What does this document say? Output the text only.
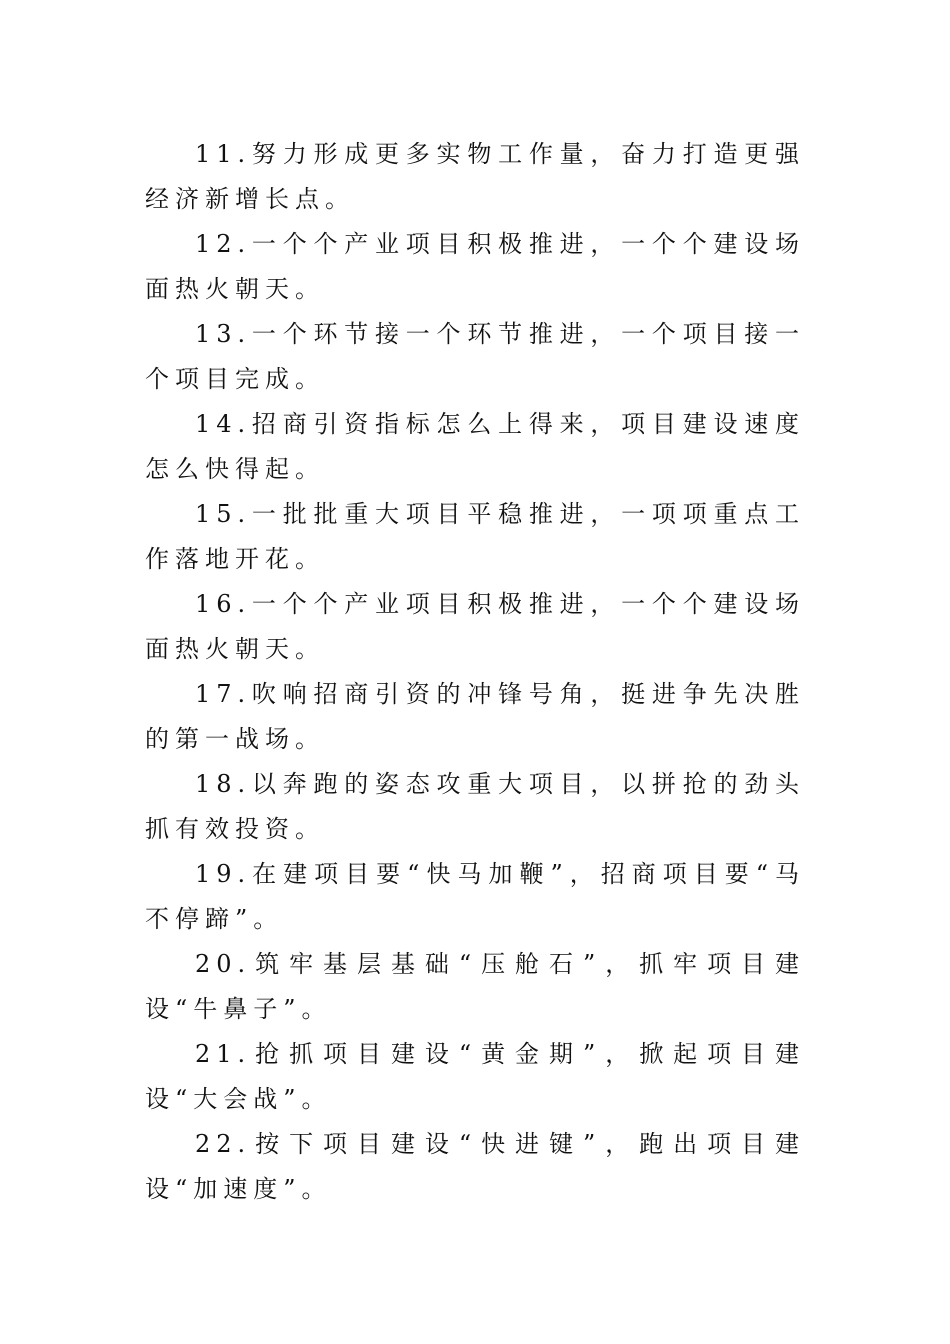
11.努力形成更多实物工作量，奋力打造更强经济新增长点。

12.一个个产业项目积极推进，一个个建设场面热火朝天。

13.一个环节接一个环节推进，一个项目接一个项目完成。

14.招商引资指标怎么上得来，项目建设速度怎么快得起。

15.一批批重大项目平稳推进，一项项重点工作落地开花。

16.一个个产业项目积极推进，一个个建设场面热火朝天。

17.吹响招商引资的冲锋号角，挺进争先决胜的第一战场。

18.以奔跑的姿态攻重大项目，以拼抢的劲头抓有效投资。

19.在建项目要“快马加鞭”，招商项目要“马不停蹄”。

20.筑牢基层基础“压舱石”，抓牢项目建设“牛鼻子”。

21.抢抓项目建设“黄金期”，掀起项目建设“大会战”。

22.按下项目建设“快进键”，跑出项目建设“加速度”。
